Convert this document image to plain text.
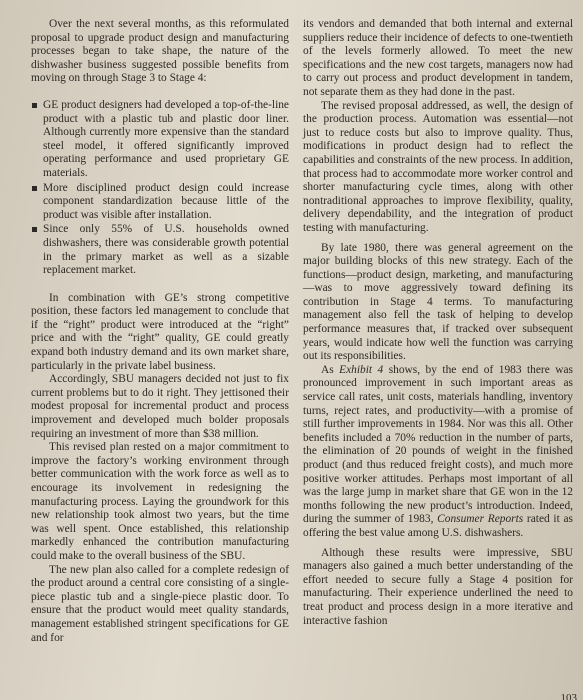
Over the next several months, as this reformulated proposal to upgrade product design and manufacturing processes began to take shape, the nature of the dishwasher business suggested possible benefits from moving on through Stage 3 to Stage 4:

GE product designers had developed a top-of-the-line product with a plastic tub and plastic door liner. Although currently more expensive than the standard steel model, it offered significantly improved operating performance and used proprietary GE materials.
More disciplined product design could increase component standardization because little of the product was visible after installation.
Since only 55% of U.S. households owned dishwashers, there was considerable growth potential in the primary market as well as a sizable replacement market.

In combination with GE’s strong competitive position, these factors led management to conclude that if the “right” product were introduced at the “right” price and with the “right” quality, GE could greatly expand both industry demand and its own market share, particularly in the private label business.

Accordingly, SBU managers decided not just to fix current problems but to do it right. They jettisoned their modest proposal for incremental product and process improvement and developed much bolder proposals requiring an investment of more than $38 million.

This revised plan rested on a major commitment to improve the factory’s working environment through better communication with the work force as well as to encourage its involvement in redesigning the manufacturing process. Laying the groundwork for this new relationship took almost two years, but the time was well spent. Once established, this relationship markedly enhanced the contribution manufacturing could make to the overall business of the SBU.

The new plan also called for a complete redesign of the product around a central core consisting of a single-piece plastic tub and a single-piece plastic door. To ensure that the product would meet quality standards, management established stringent specifications for GE and for

its vendors and demanded that both internal and external suppliers reduce their incidence of defects to one-twentieth of the levels formerly allowed. To meet the new specifications and the new cost targets, managers now had to carry out process and product development in tandem, not separate them as they had done in the past.

The revised proposal addressed, as well, the design of the production process. Automation was essential—not just to reduce costs but also to improve quality. Thus, modifications in product design had to reflect the capabilities and constraints of the new process. In addition, that process had to accommodate more worker control and shorter manufacturing cycle times, along with other nontraditional approaches to improve flexibility, quality, delivery dependability, and the integration of product testing with manufacturing.

By late 1980, there was general agreement on the major building blocks of this new strategy. Each of the functions—product design, marketing, and manufacturing—was to move aggressively toward defining its contribution in Stage 4 terms. To manufacturing management also fell the task of helping to develop performance measures that, if tracked over subsequent years, would indicate how well the function was carrying out its responsibilities.

As Exhibit 4 shows, by the end of 1983 there was pronounced improvement in such important areas as service call rates, unit costs, materials handling, inventory turns, reject rates, and productivity—with a promise of still further improvements in 1984. Nor was this all. Other benefits included a 70% reduction in the number of parts, the elimination of 20 pounds of weight in the finished product (and thus reduced freight costs), and much more positive worker attitudes. Perhaps most important of all was the large jump in market share that GE won in the 12 months following the new product’s introduction. Indeed, during the summer of 1983, Consumer Reports rated it as offering the best value among U.S. dishwashers.

Although these results were impressive, SBU managers also gained a much better understanding of the effort needed to secure fully a Stage 4 position for manufacturing. Their experience underlined the need to treat product and process design in a more iterative and interactive fashion

103
